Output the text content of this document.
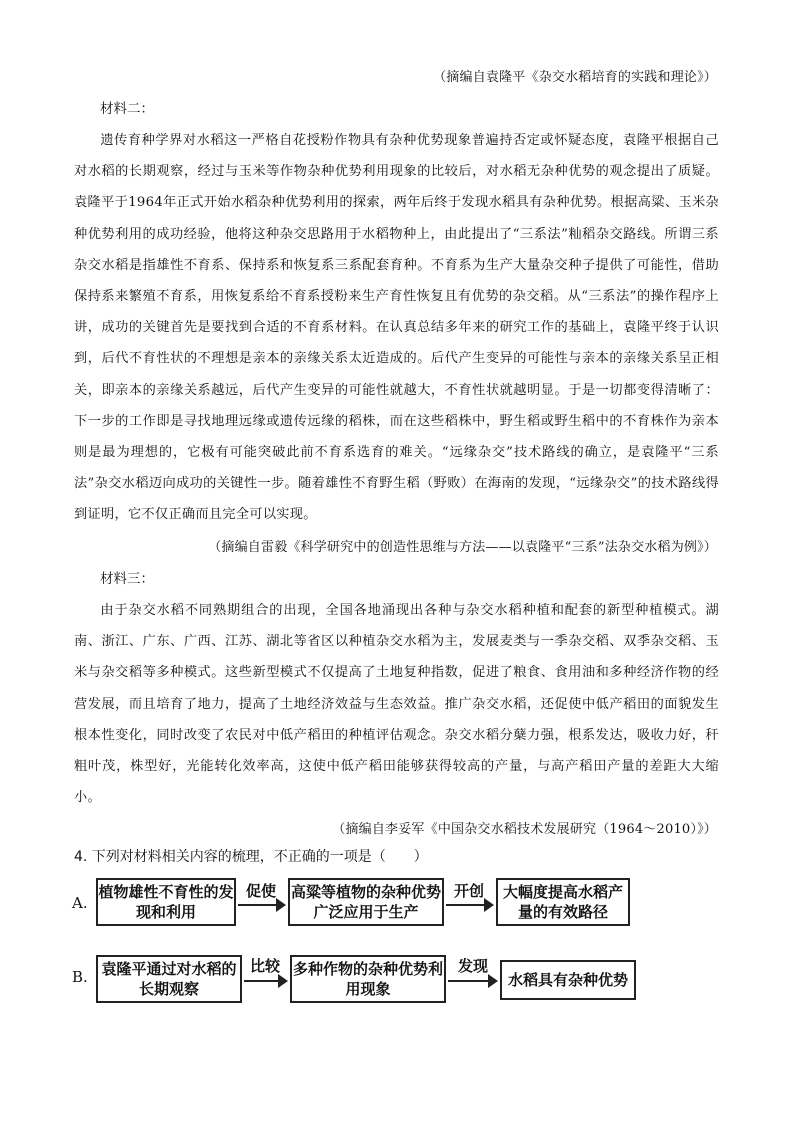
（摘编自袁隆平《杂交水稻培育的实践和理论》）
材料二：
遗传育种学界对水稻这一严格自花授粉作物具有杂种优势现象普遍持否定或怀疑态度，袁隆平根据自己对水稻的长期观察，经过与玉米等作物杂种优势利用现象的比较后，对水稻无杂种优势的观念提出了质疑。袁隆平于1964年正式开始水稻杂种优势利用的探索，两年后终于发现水稻具有杂种优势。根据高粱、玉米杂种优势利用的成功经验，他将这种杂交思路用于水稻物种上，由此提出了“三系法”籼稻杂交路线。所谓三系杂交水稻是指雄性不育系、保持系和恢复系三系配套育种。不育系为生产大量杂交种子提供了可能性，借助保持系来繁殖不育系，用恢复系给不育系授粉来生产育性恢复且有优势的杂交稻。从“三系法”的操作程序上讲，成功的关键首先是要找到合适的不育系材料。在认真总结多年来的研究工作的基础上，袁隆平终于认识到，后代不育性状的不理想是亲本的亲缘关系太近造成的。后代产生变异的可能性与亲本的亲缘关系呈正相关，即亲本的亲缘关系越远，后代产生变异的可能性就越大，不育性状就越明显。于是一切都变得清晰了：下一步的工作即是寻找地理远缘或遗传远缘的稻株，而在这些稻株中，野生稻或野生稻中的不育株作为亲本则是最为理想的，它极有可能突破此前不育系选育的难关。“远缘杂交”技术路线的确立，是袁隆平“三系法”杂交水稻迈向成功的关键性一步。随着雄性不育野生稻（野败）在海南的发现，“远缘杂交”的技术路线得到证明，它不仅正确而且完全可以实现。
（摘编自雷毅《科学研究中的创造性思维与方法——以袁隆平“三系”法杂交水稻为例》）
材料三：
由于杂交水稻不同熟期组合的出现，全国各地涌现出各种与杂交水稻种植和配套的新型种植模式。湖南、浙江、广东、广西、江苏、湖北等省区以种植杂交水稻为主，发展麦类与一季杂交稻、双季杂交稻、玉米与杂交稻等多种模式。这些新型模式不仅提高了土地复种指数，促进了粮食、食用油和多种经济作物的经营发展，而且培育了地力，提高了土地经济效益与生态效益。推广杂交水稻，还促使中低产稻田的面貌发生根本性变化，同时改变了农民对中低产稻田的种植评估观念。杂交水稻分蘖力强，根系发达，吸收力好，秆粗叶茂，株型好，光能转化效率高，这使中低产稻田能够获得较高的产量，与高产稻田产量的差距大大缩小。
（摘编自李妥军《中国杂交水稻技术发展研究（1964～2010）》）
4. 下列对材料相关内容的梳理，不正确的一项是（　　）
A.
植物雄性不育性的发现和利用
促使 高粱等植物的杂种优势广泛应用于生产
开创	大幅度提高水稻产量的有效路径
B. 袁隆平通过对水稻的长期观察
比较 多种作物的杂种优势利用现象
发现
水稻具有杂种优势
